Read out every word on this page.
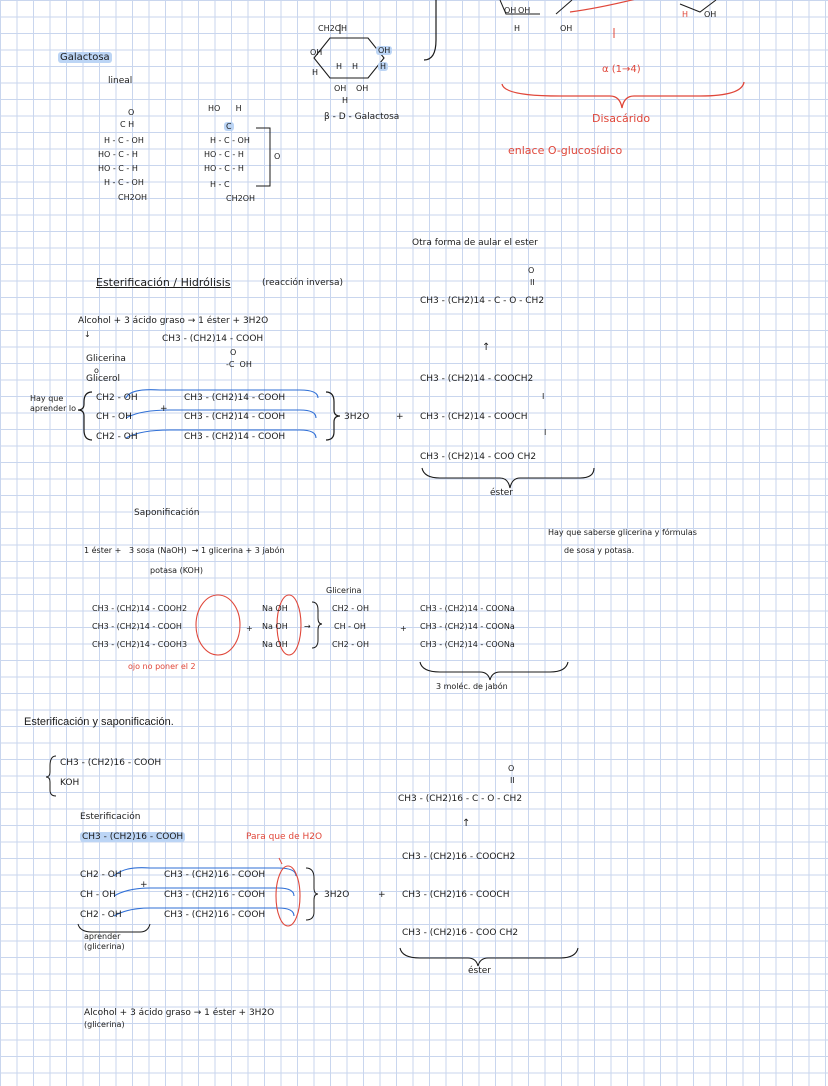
OH OH
H	OH
H OH
α (1→4)
Disacárido
enlace O-glucosídico
Galactosa
lineal
O
C H
H - C - OH
HO - C - H
HO - C - H
H - C - OH
CH2OH
HO      H
C
H - C - OH
HO - C - H
HO - C - H
H - C
CH2OH
O
CH2OH
OH	OH
H
H
H H
OH OH
H
β - D - Galactosa
Otra forma de aular el ester
O
II
CH3 - (CH2)14 - C - O - CH2
↑
CH3 - (CH2)14 - COOCH2
I
CH3 - (CH2)14 - COOCH
I
CH3 - (CH2)14 - COO CH2
éster
Esterificación / Hidrólisis	(reacción inversa)
Alcohol + 3 ácido graso → 1 éster + 3H2O
↓	CH3 - (CH2)14 - COOH
O
-C  OH
Glicerina
o
Glicerol
Hay que aprender lo
CH2 - OH
CH - OH
CH2 - OH
CH3 - (CH2)14 - COOH
CH3 - (CH2)14 - COOH
CH3 - (CH2)14 - COOH
+
3H2O	+
Saponificación
Hay que saberse glicerina y fórmulas
de sosa y potasa.
1 éster +   3 sosa (NaOH)  → 1 glicerina + 3 jabón
potasa (KOH)
Glicerina
CH3 - (CH2)14 - COOH2
CH3 - (CH2)14 - COOH
CH3 - (CH2)14 - COOH3
+
Na OH
Na OH
Na OH
→
CH2 - OH
CH - OH
CH2 - OH
+
CH3 - (CH2)14 - COONa
CH3 - (CH2)14 - COONa
CH3 - (CH2)14 - COONa
ojo no poner el 2
3 moléc. de jabón
Esterificación y saponificación.
CH3 - (CH2)16 - COOH
KOH
O
II
CH3 - (CH2)16 - C - O - CH2
↑
Esterificación
CH3 - (CH2)16 - COOH	Para que de H2O
CH2 - OH
CH - OH
CH2 - OH
+
CH3 - (CH2)16 - COOH
CH3 - (CH2)16 - COOH
CH3 - (CH2)16 - COOH
3H2O	+
CH3 - (CH2)16 - COOCH2
CH3 - (CH2)16 - COOCH
CH3 - (CH2)16 - COO CH2
éster
aprender
(glicerina)
Alcohol + 3 ácido graso → 1 éster + 3H2O
(glicerina)
